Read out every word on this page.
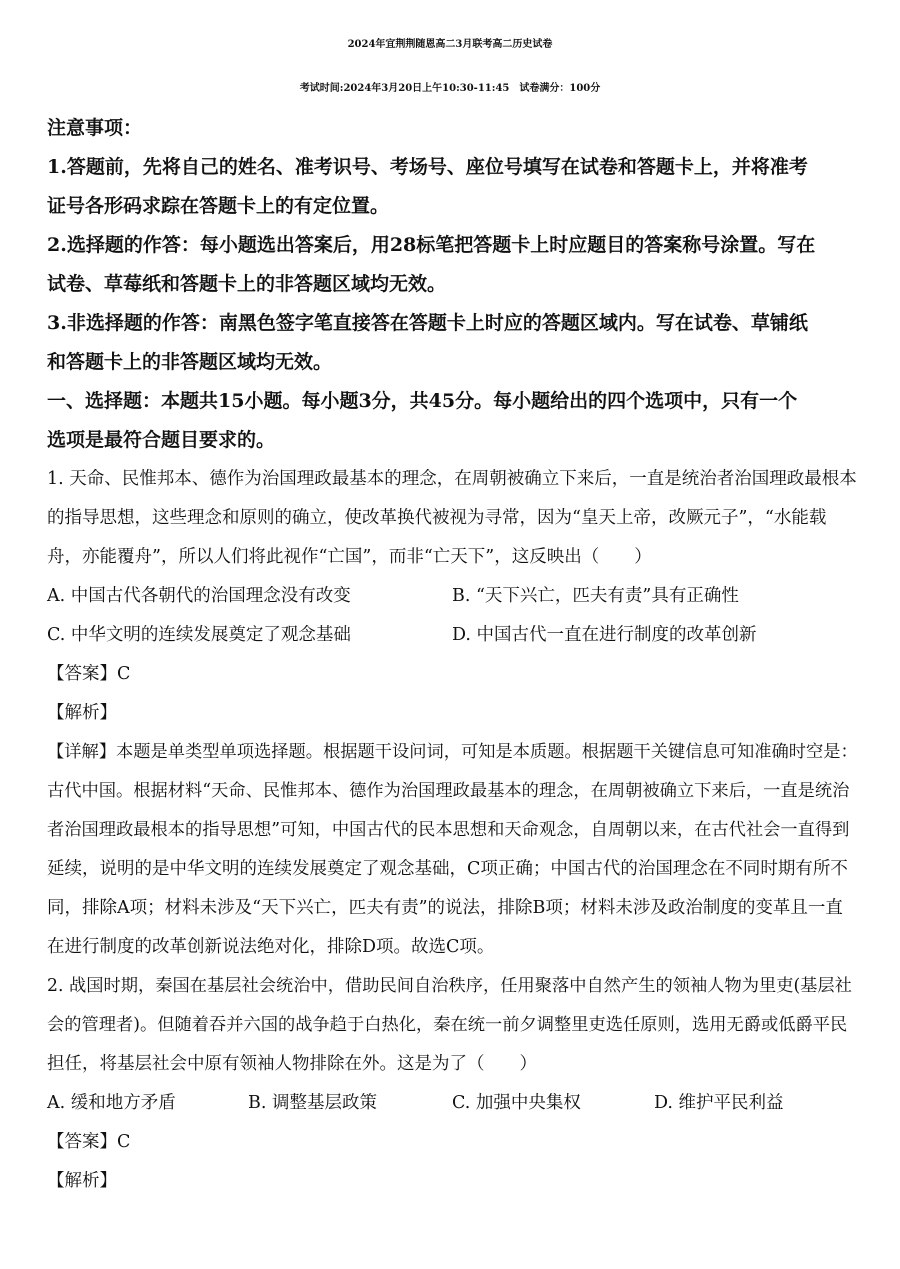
2024年宜荆荆随恩高二3月联考高二历史试卷
考试时间:2024年3月20日上午10:30-11:45　试卷满分：100分
注意事项：
1.答题前，先将自己的姓名、准考识号、考场号、座位号填写在试卷和答题卡上，并将准考
证号各形码求踪在答题卡上的有定位置。
2.选择题的作答：每小题选出答案后，用28标笔把答题卡上时应题目的答案称号涂置。写在
试卷、草莓纸和答题卡上的非答题区域均无效。
3.非选择题的作答：南黑色签字笔直接答在答题卡上时应的答题区域内。写在试卷、草铺纸
和答题卡上的非答题区域均无效。
一、选择题：本题共15小题。每小题3分，共45分。每小题给出的四个选项中，只有一个
选项是最符合题目要求的。
1. 天命、民惟邦本、德作为治国理政最基本的理念，在周朝被确立下来后，一直是统治者治国理政最根本
的指导思想，这些理念和原则的确立，使改革换代被视为寻常，因为“皇天上帝，改厥元子”，“水能载
舟，亦能覆舟”，所以人们将此视作“亡国”，而非“亡天下”，这反映出（　　）
A. 中国古代各朝代的治国理念没有改变	B. “天下兴亡，匹夫有责”具有正确性
C. 中华文明的连续发展奠定了观念基础	D. 中国古代一直在进行制度的改革创新
【答案】C
【解析】
【详解】本题是单类型单项选择题。根据题干设问词，可知是本质题。根据题干关键信息可知准确时空是：
古代中国。根据材料“天命、民惟邦本、德作为治国理政最基本的理念，在周朝被确立下来后，一直是统治
者治国理政最根本的指导思想”可知，中国古代的民本思想和天命观念，自周朝以来，在古代社会一直得到
延续，说明的是中华文明的连续发展奠定了观念基础，C项正确；中国古代的治国理念在不同时期有所不
同，排除A项；材料未涉及“天下兴亡，匹夫有责”的说法，排除B项；材料未涉及政治制度的变革且一直
在进行制度的改革创新说法绝对化，排除D项。故选C项。
2. 战国时期，秦国在基层社会统治中，借助民间自治秩序，任用聚落中自然产生的领袖人物为里吏(基层社
会的管理者)。但随着吞并六国的战争趋于白热化，秦在统一前夕调整里吏选任原则，选用无爵或低爵平民
担任，将基层社会中原有领袖人物排除在外。这是为了（　　）
A. 缓和地方矛盾	B. 调整基层政策	C. 加强中央集权	D. 维护平民利益
【答案】C
【解析】
